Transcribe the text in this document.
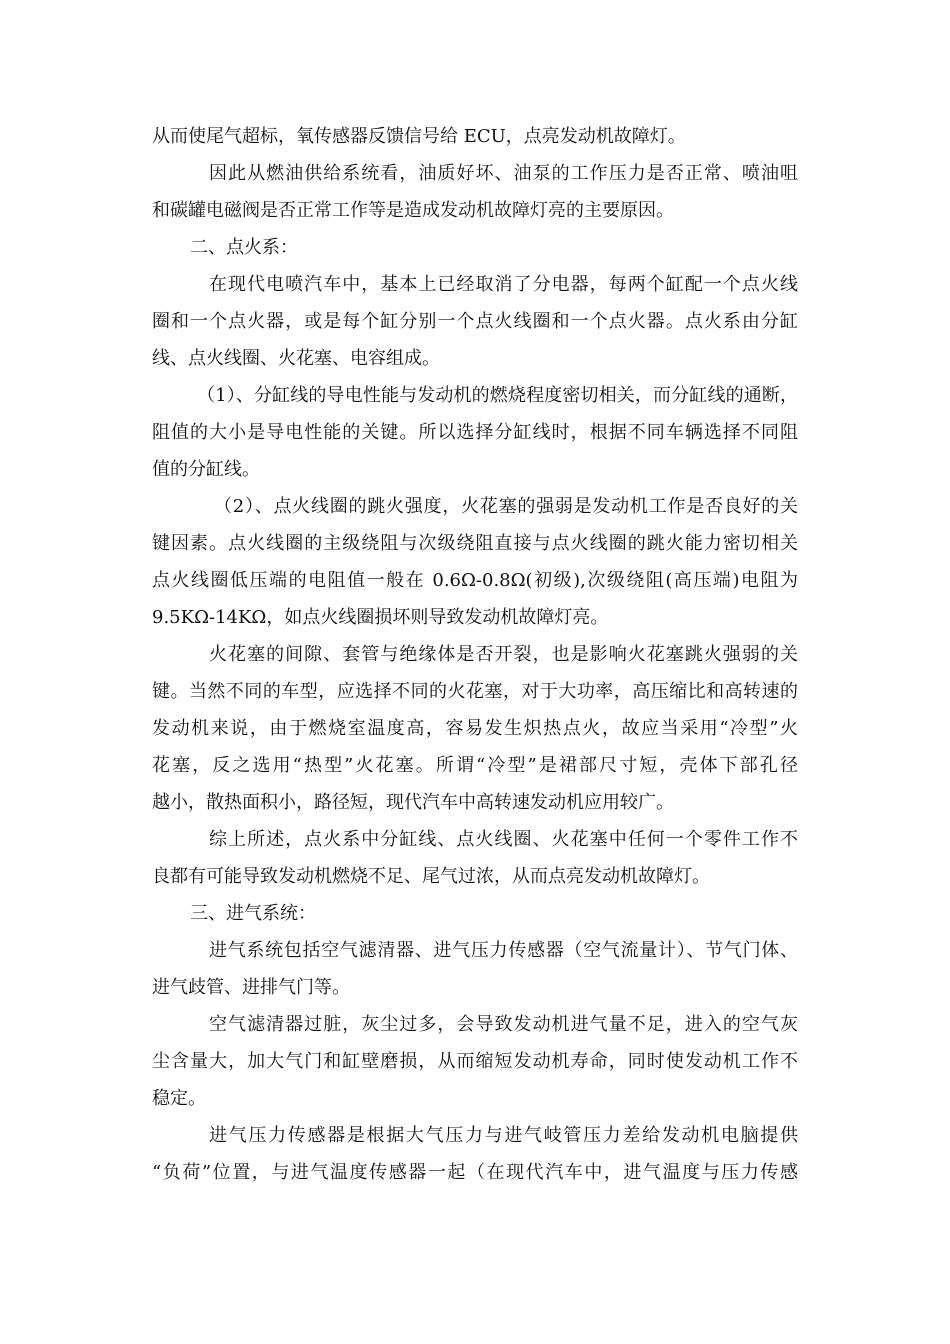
从而使尾气超标，氧传感器反馈信号给 ECU，点亮发动机故障灯。
因此从燃油供给系统看，油质好坏、油泵的工作压力是否正常、喷油咀
和碳罐电磁阀是否正常工作等是造成发动机故障灯亮的主要原因。
二、点火系：
在现代电喷汽车中，基本上已经取消了分电器，每两个缸配一个点火线
圈和一个点火器，或是每个缸分别一个点火线圈和一个点火器。点火系由分缸
线、点火线圈、火花塞、电容组成。
（1）、分缸线的导电性能与发动机的燃烧程度密切相关，而分缸线的通断，
阻值的大小是导电性能的关键。所以选择分缸线时，根据不同车辆选择不同阻
值的分缸线。
（2）、点火线圈的跳火强度，火花塞的强弱是发动机工作是否良好的关
键因素。点火线圈的主级绕阻与次级绕阻直接与点火线圈的跳火能力密切相关
点火线圈低压端的电阻值一般在 0.6Ω-0.8Ω(初级),次级绕阻(高压端)电阻为
9.5KΩ-14KΩ，如点火线圈损坏则导致发动机故障灯亮。
火花塞的间隙、套管与绝缘体是否开裂，也是影响火花塞跳火强弱的关
键。当然不同的车型，应选择不同的火花塞，对于大功率，高压缩比和高转速的
发动机来说，由于燃烧室温度高，容易发生炽热点火，故应当采用“冷型”火
花塞，反之选用“热型”火花塞。所谓“冷型”是裙部尺寸短，壳体下部孔径
越小，散热面积小，路径短，现代汽车中高转速发动机应用较广。
综上所述，点火系中分缸线、点火线圈、火花塞中任何一个零件工作不
良都有可能导致发动机燃烧不足、尾气过浓，从而点亮发动机故障灯。
三、进气系统：
进气系统包括空气滤清器、进气压力传感器（空气流量计）、节气门体、
进气歧管、进排气门等。
空气滤清器过脏，灰尘过多，会导致发动机进气量不足，进入的空气灰
尘含量大，加大气门和缸壁磨损，从而缩短发动机寿命，同时使发动机工作不
稳定。
进气压力传感器是根据大气压力与进气岐管压力差给发动机电脑提供
“负荷”位置，与进气温度传感器一起（在现代汽车中，进气温度与压力传感
